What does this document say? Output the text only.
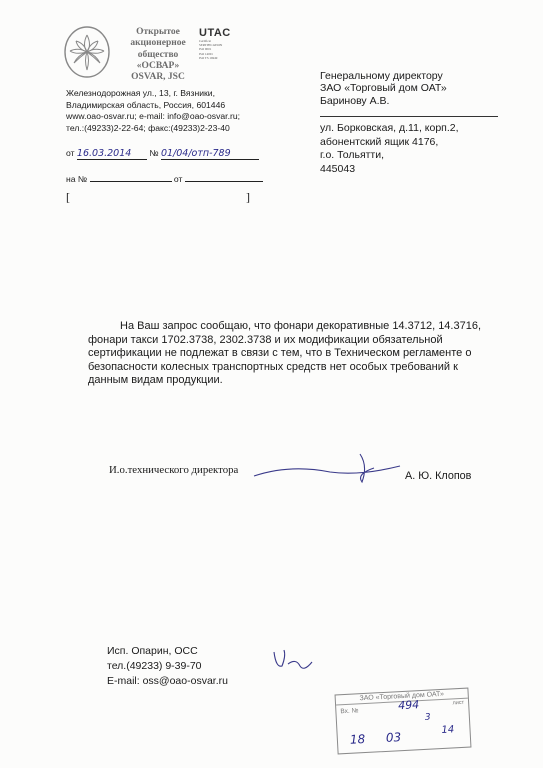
Открытое
акционерное
общество
«ОСВАР»
OSVAR, JSC
UTAC
Certificat
SERTIFICATION
ISO 9001
ISO 14001
ISO TS 16949
Железнодорожная ул., 13, г. Вязники,
Владимирская область, Россия, 601446
www.oao-osvar.ru; e-mail: info@oao-osvar.ru;
тел.:(49233)2-22-64; факс:(49233)2-23-40
от 16.03.2014 № 01/04/отп-789
на №	от
[	]
Генеральному директору
ЗАО «Торговый дом ОАТ»
Баринову А.В.
ул. Борковская, д.11, корп.2,
абонентский ящик 4176,
г.о. Тольятти,
445043

На Ваш запрос сообщаю, что фонари декоративные 14.3712, 14.3716, фонари такси 1702.3738, 2302.3738 и их модификации обязательной сертификации не подлежат в связи с тем, что в Техническом регламенте о безопасности колесных транспортных средств нет особых требований к данным видам продукции.

И.о.технического директора	А. Ю. Клопов
Исп. Опарин, ОСС
тел.(49233) 9-39-70
E-mail: oss@oao-osvar.ru
ЗАО «Торговый дом ОАТ»
Вх. №	494	лист
3
18 03	14
